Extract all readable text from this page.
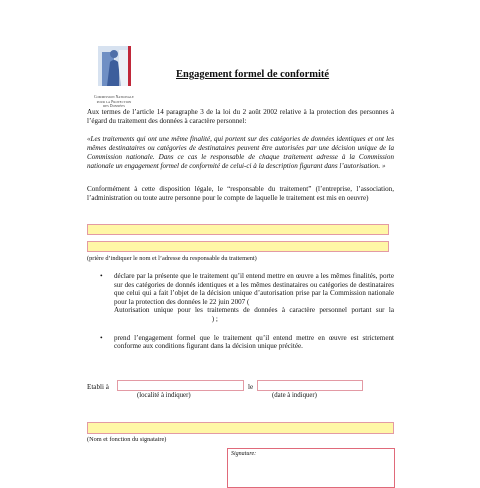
Commission Nationale
pour la Protection
des Données
Engagement formel de conformité

Aux termes de l’article 14 paragraphe 3 de la loi du 2 août 2002 relative à la protection des personnes à l’égard du traitement des données à caractère personnel:

«Les traitements qui ont une même finalité, qui portent sur des catégories de données identiques et ont les mêmes destinataires ou catégories de destinataires peuvent être autorisées par une décision unique de la Commission nationale. Dans ce cas le responsable de chaque traitement adresse à la Commission nationale un engagement formel de conformité de celui-ci à la description figurant dans l’autorisation. »

Conformément à cette disposition légale, le “responsable du traitement” (l’entreprise, l’association, l’administration ou toute autre personne pour le compte de laquelle le traitement est mis en oeuvre)

(prière d’indiquer le nom et l’adresse du responsable du traitement)
• déclare par la présente que le traitement qu’il entend mettre en œuvre a les mêmes finalités, porte sur des catégories de donnés identiques et a les mêmes destinataires ou catégories de destinataires que celui qui a fait l’objet de la décision unique d’autorisation prise par la Commission nationale pour la protection des données le 22 juin 2007 (
Autorisation unique pour les traitements de données à caractère personnel portant sur la  ) ;
• prend l’engagement formel que le traitement qu’il entend mettre en œuvre est strictement conforme aux conditions figurant dans la décision unique précitée.
Etabli à	le
(localité à indiquer)	(date à indiquer)
(Nom et fonction du signataire)
Signature:
